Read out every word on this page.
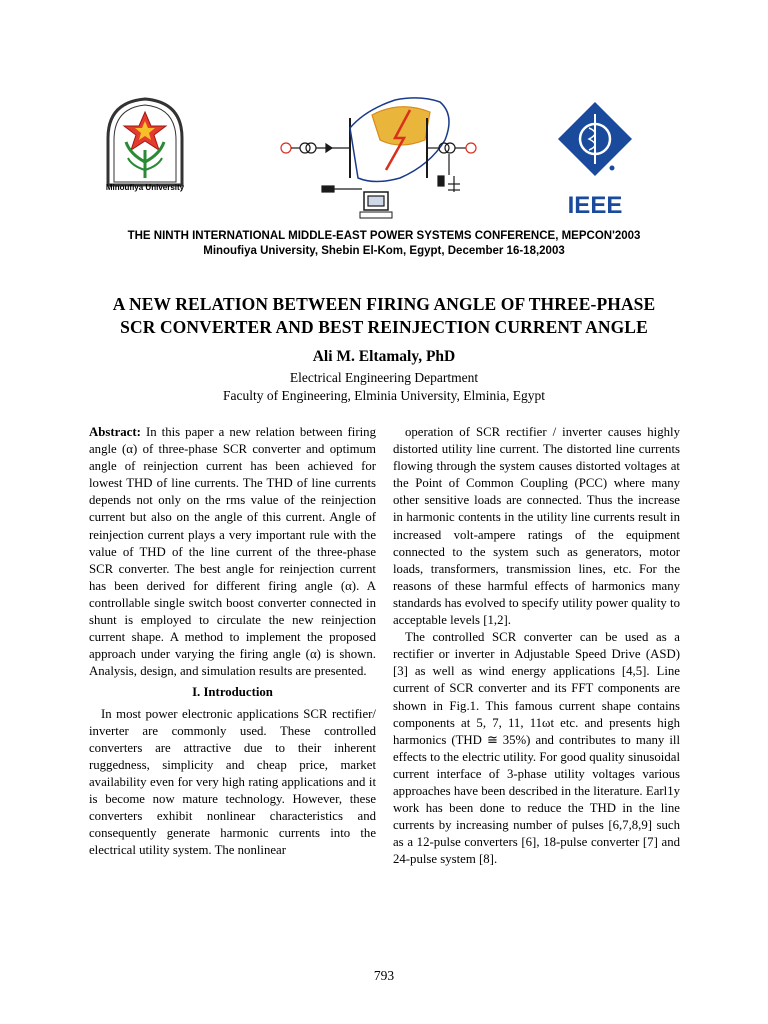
Minoufiya University
IEEE
THE NINTH INTERNATIONAL MIDDLE-EAST POWER SYSTEMS CONFERENCE, MEPCON'2003
Minoufiya University, Shebin El-Kom, Egypt, December 16-18,2003
A NEW RELATION BETWEEN FIRING ANGLE OF THREE-PHASE
SCR CONVERTER AND BEST REINJECTION CURRENT ANGLE
Ali M. Eltamaly, PhD
Electrical Engineering Department
Faculty of Engineering, Elminia University, Elminia, Egypt

Abstract: In this paper a new relation between firing angle (α) of three-phase SCR converter and optimum angle of reinjection current has been achieved for lowest THD of line currents. The THD of line currents depends not only on the rms value of the reinjection current but also on the angle of this current. Angle of reinjection current plays a very important rule with the value of THD of the line current of the three-phase SCR converter. The best angle for reinjection current has been derived for different firing angle (α). A controllable single switch boost converter connected in shunt is employed to circulate the new reinjection current shape. A method to implement the proposed approach under varying the firing angle (α) is shown. Analysis, design, and simulation results are presented.

I. Introduction

In most power electronic applications SCR rectifier/ inverter are commonly used. These controlled converters are attractive due to their inherent ruggedness, simplicity and cheap price, market availability even for very high rating applications and it is become now mature technology. However, these converters exhibit nonlinear characteristics and consequently generate harmonic currents into the electrical utility system. The nonlinear

operation of SCR rectifier / inverter causes highly distorted utility line current. The distorted line currents flowing through the system causes distorted voltages at the Point of Common Coupling (PCC) where many other sensitive loads are connected. Thus the increase in harmonic contents in the utility line currents result in increased volt-ampere ratings of the equipment connected to the system such as generators, motor loads, transformers, transmission lines, etc. For the reasons of these harmful effects of harmonics many standards has evolved to specify utility power quality to acceptable levels [1,2].

The controlled SCR converter can be used as a rectifier or inverter in Adjustable Speed Drive (ASD) [3] as well as wind energy applications [4,5]. Line current of SCR converter and its FFT components are shown in Fig.1. This famous current shape contains components at 5, 7, 11, 11ωt etc. and presents high harmonics (THD ≅ 35%) and contributes to many ill effects to the electric utility. For good quality sinusoidal current interface of 3-phase utility voltages various approaches have been described in the literature. Earl1y work has been done to reduce the THD in the line currents by increasing number of pulses [6,7,8,9] such as a 12-pulse converters [6], 18-pulse converter [7] and 24-pulse system [8].

793
